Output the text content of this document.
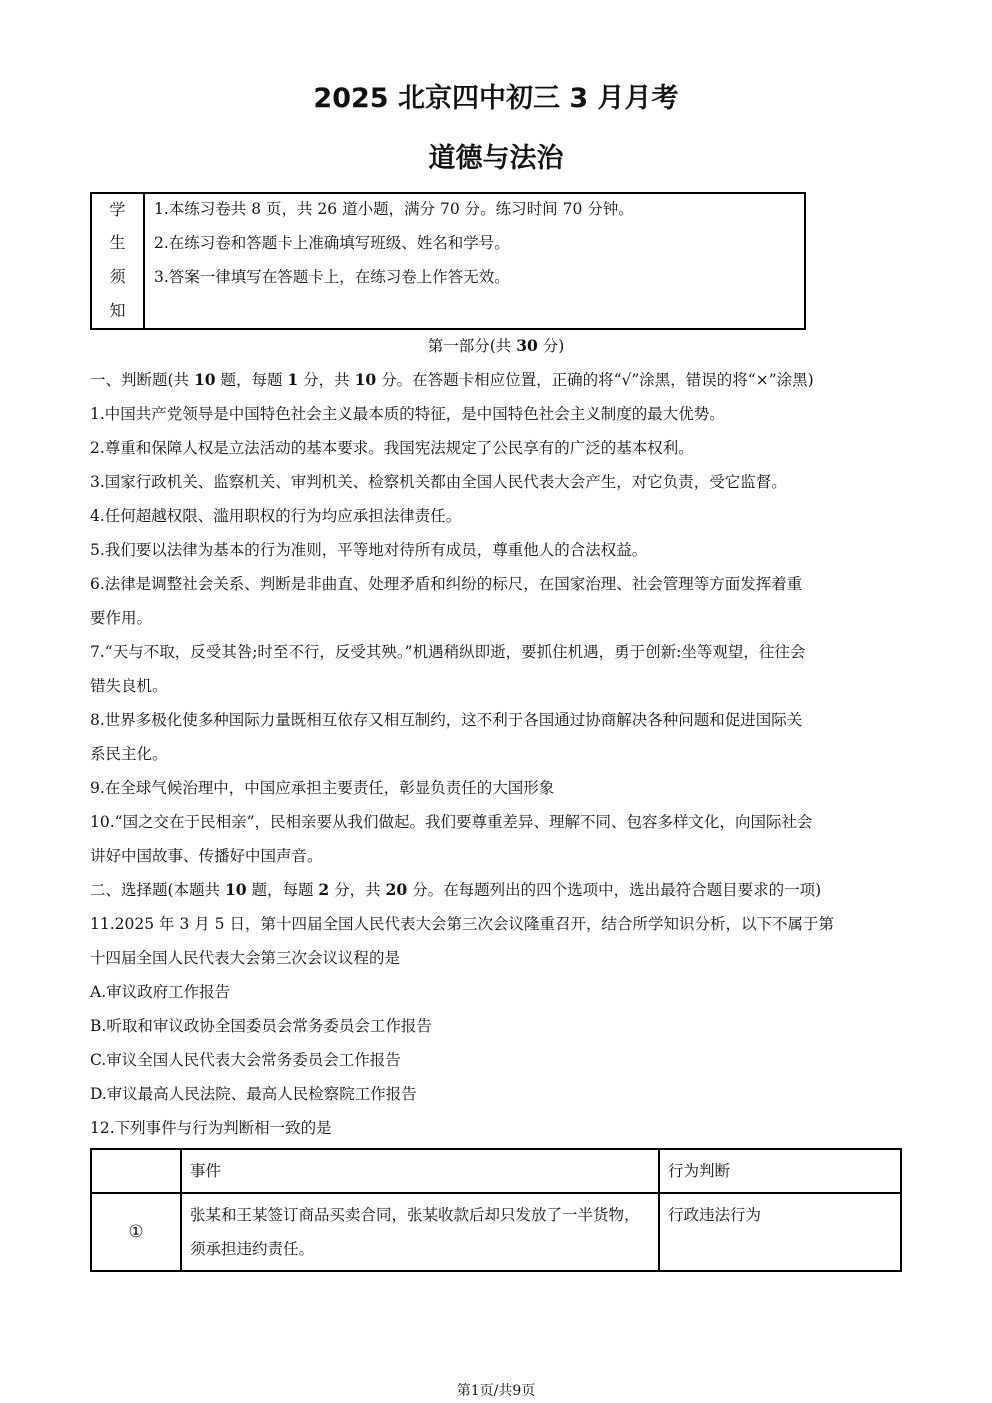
2025 北京四中初三 3 月月考
道德与法治
学
生
须
知
1.本练习卷共 8 页，共 26 道小题，满分 70 分。练习时间 70 分钟。
2.在练习卷和答题卡上准确填写班级、姓名和学号。
3.答案一律填写在答题卡上，在练习卷上作答无效。
第一部分(共 30 分)
一、判断题(共 10 题，每题 1 分，共 10 分。在答题卡相应位置，正确的将“√”涂黑，错误的将“×”涂黑)
1.中国共产党领导是中国特色社会主义最本质的特征，是中国特色社会主义制度的最大优势。
2.尊重和保障人权是立法活动的基本要求。我国宪法规定了公民享有的广泛的基本权利。
3.国家行政机关、监察机关、审判机关、检察机关都由全国人民代表大会产生，对它负责，受它监督。
4.任何超越权限、滥用职权的行为均应承担法律责任。
5.我们要以法律为基本的行为准则，平等地对待所有成员，尊重他人的合法权益。
6.法律是调整社会关系、判断是非曲直、处理矛盾和纠纷的标尺，在国家治理、社会管理等方面发挥着重
要作用。
7.“天与不取，反受其咎;时至不行，反受其殃。”机遇稍纵即逝，要抓住机遇，勇于创新:坐等观望，往往会
错失良机。
8.世界多极化使多种国际力量既相互依存又相互制约，这不利于各国通过协商解决各种问题和促进国际关
系民主化。
9.在全球气候治理中，中国应承担主要责任，彰显负责任的大国形象
10.“国之交在于民相亲”，民相亲要从我们做起。我们要尊重差异、理解不同、包容多样文化，向国际社会
讲好中国故事、传播好中国声音。
二、选择题(本题共 10 题，每题 2 分，共 20 分。在每题列出的四个选项中，选出最符合题目要求的一项)
11.2025 年 3 月 5 日，第十四届全国人民代表大会第三次会议隆重召开，结合所学知识分析，以下不属于第
十四届全国人民代表大会第三次会议议程的是
A.审议政府工作报告
B.听取和审议政协全国委员会常务委员会工作报告
C.审议全国人民代表大会常务委员会工作报告
D.审议最高人民法院、最高人民检察院工作报告
12.下列事件与行为判断相一致的是
	事件	行为判断
①	张某和王某签订商品买卖合同，张某收款后却只发放了一半货物，须承担违约责任。	行政违法行为
第1页/共9页
